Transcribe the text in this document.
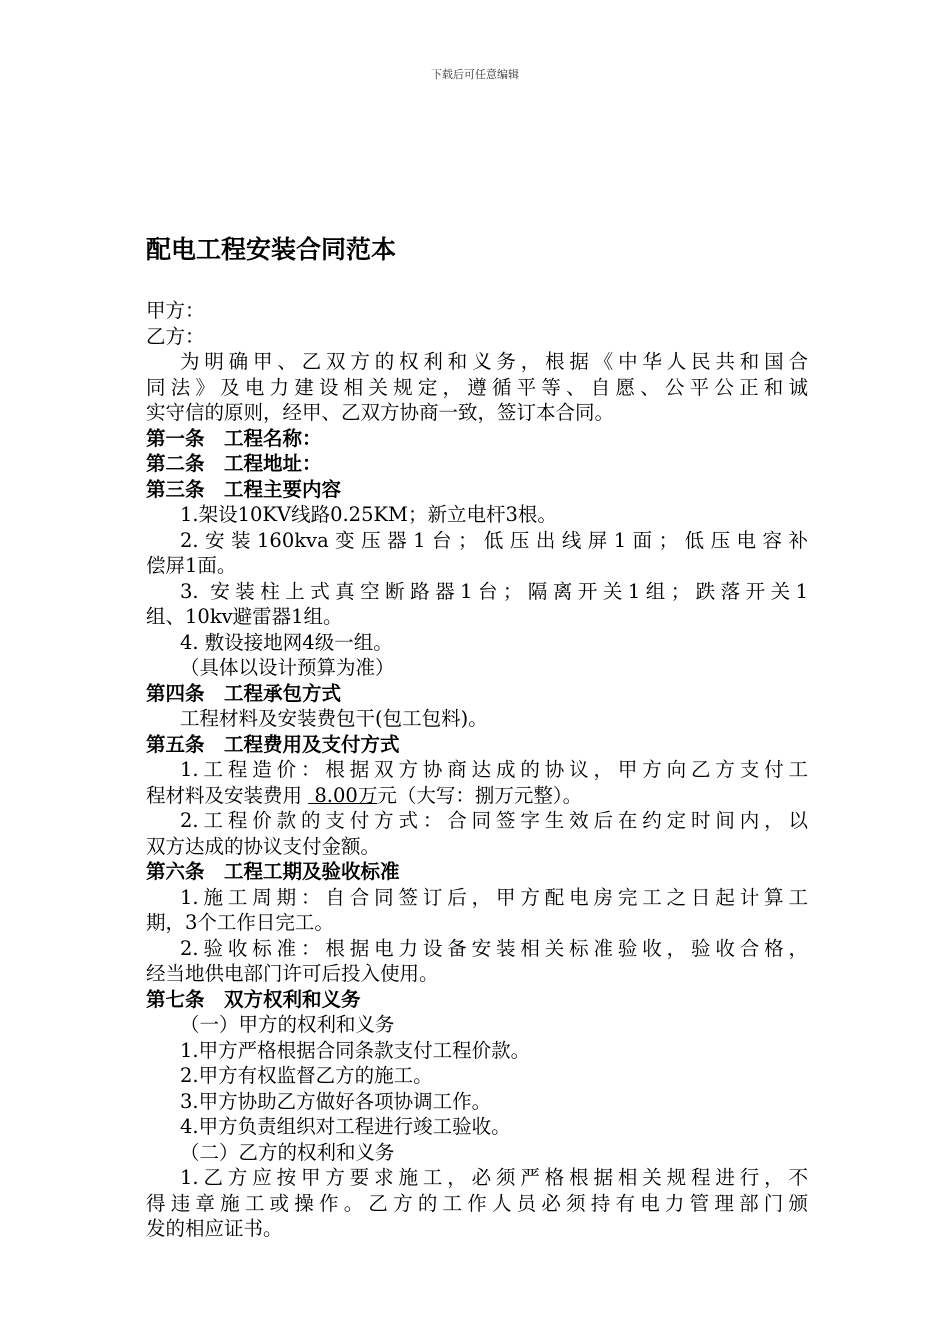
下载后可任意编辑
配电工程安装合同范本
甲方：
乙方：
为明确甲、乙双方的权利和义务，根据《中华人民共和国合
同法》及电力建设相关规定，遵循平等、自愿、公平公正和诚
实守信的原则，经甲、乙双方协商一致，签订本合同。
第一条　工程名称：
第二条　工程地址：
第三条　工程主要内容
1.架设10KV线路0.25KM；新立电杆3根。
2.安装160kva变压器1台；低压出线屏1面；低压电容补
偿屏1面。
3. 安装柱上式真空断路器1台；隔离开关1组；跌落开关1
组、10kv避雷器1组。
4. 敷设接地网4级一组。
（具体以设计预算为准）
第四条　工程承包方式
工程材料及安装费包干(包工包料)。
第五条　工程费用及支付方式
1.工程造价：根据双方协商达成的协议，甲方向乙方支付工
程材料及安装费用  8.00万元（大写：捌万元整）。
2.工程价款的支付方式：合同签字生效后在约定时间内，以
双方达成的协议支付金额。
第六条　工程工期及验收标准
1.施工周期：自合同签订后，甲方配电房完工之日起计算工
期，3个工作日完工。
2.验收标准：根据电力设备安装相关标准验收，验收合格，
经当地供电部门许可后投入使用。
第七条　双方权利和义务
（一）甲方的权利和义务
1.甲方严格根据合同条款支付工程价款。
2.甲方有权监督乙方的施工。
3.甲方协助乙方做好各项协调工作。
4.甲方负责组织对工程进行竣工验收。
（二）乙方的权利和义务
1.乙方应按甲方要求施工，必须严格根据相关规程进行，不
得违章施工或操作。乙方的工作人员必须持有电力管理部门颁
发的相应证书。
